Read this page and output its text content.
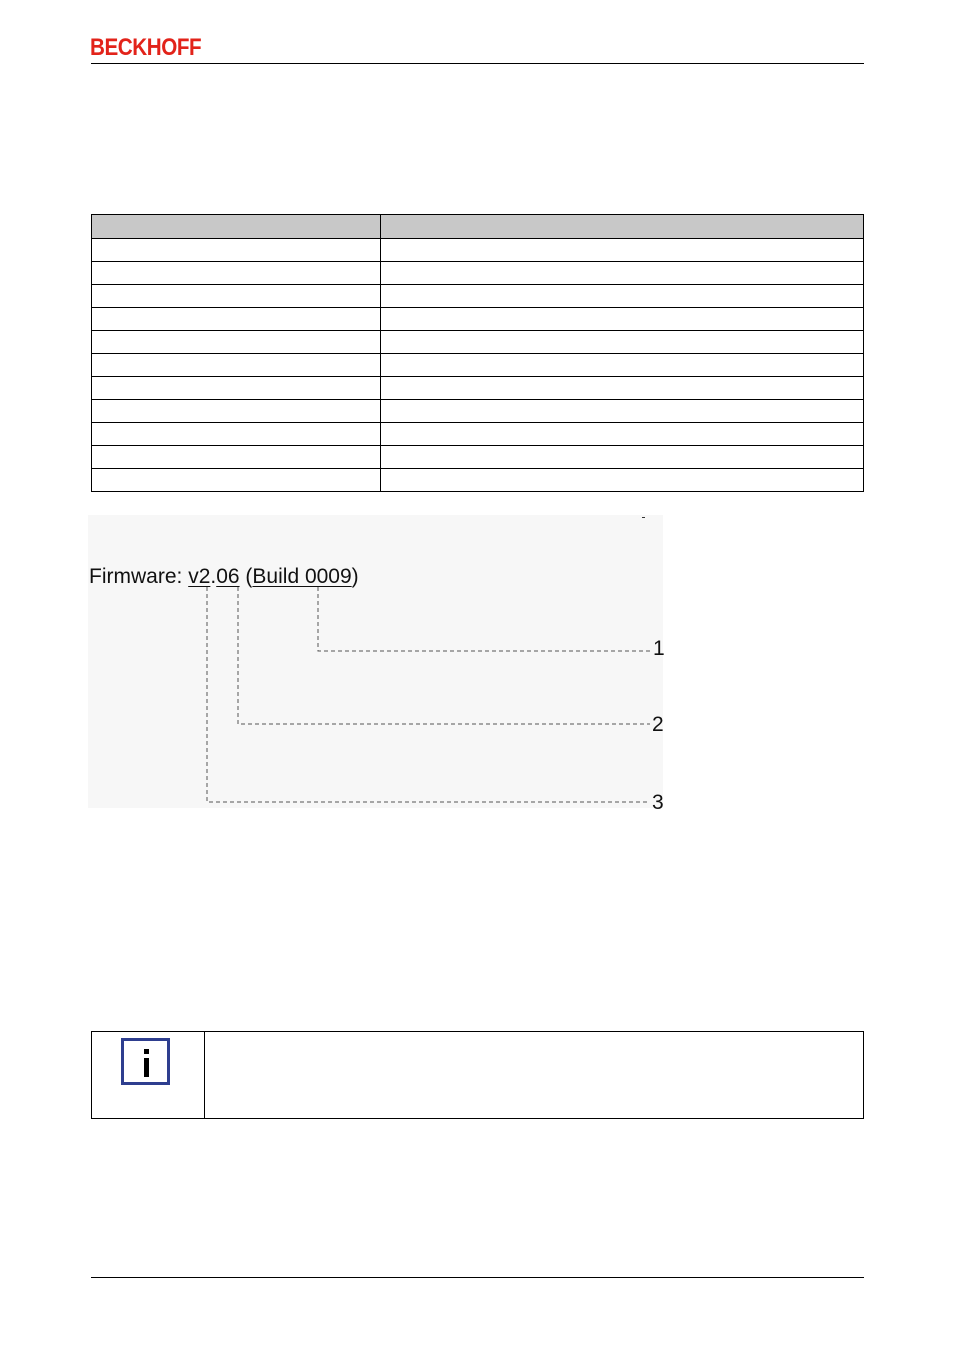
BECKHOFF

Firmware: v2.06 (Build 0009)
1
2
3
